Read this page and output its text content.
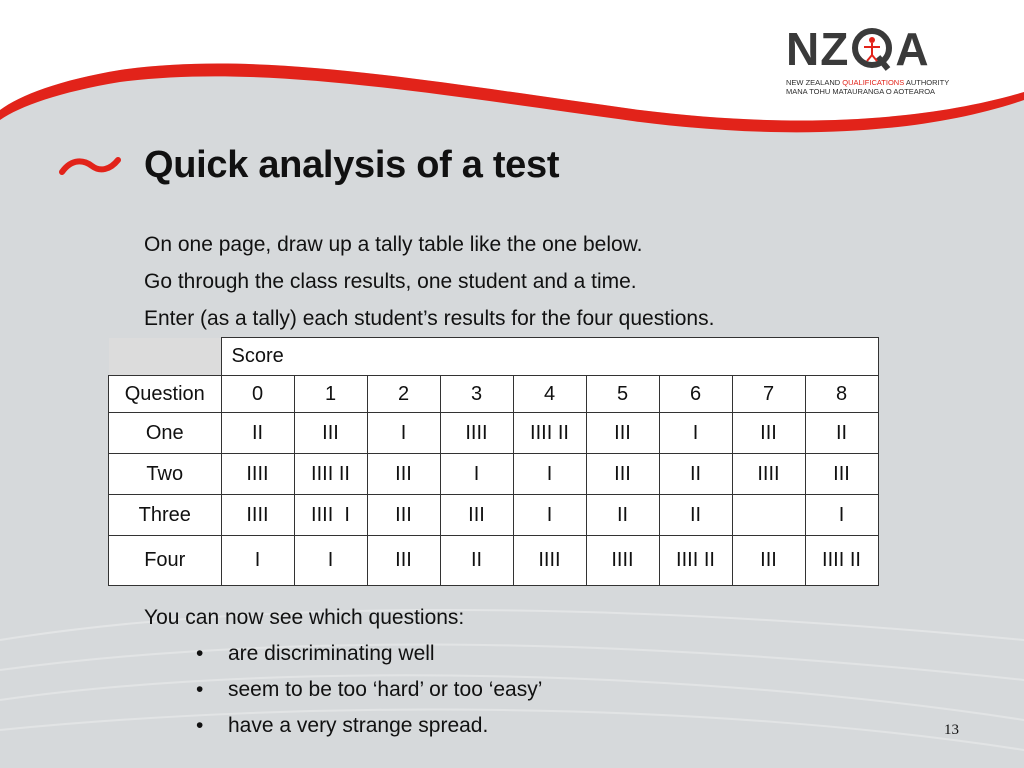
NZ A
NEW ZEALAND QUALIFICATIONS AUTHORITY
MANA TOHU MATAURANGA O AOTEAROA
Quick analysis of a test
On one page, draw up a tally table like the one below.
Go through the class results, one student and a time.
Enter (as a tally) each student’s results for the four questions.
	Score								
Question	0	1	2	3	4	5	6	7	8
One	II	III	I	IIII	IIII II	III	I	III	II
Two	IIII	IIII II	III	I	I	III	II	IIII	III
Three	IIII	IIII  I	III	III	I	II	II		I
Four	I	I	III	II	IIII	IIII	IIII II	III	IIII II
You can now see which questions:
• are discriminating well
• seem to be too ‘hard’ or too ‘easy’
• have a very strange spread.	13
